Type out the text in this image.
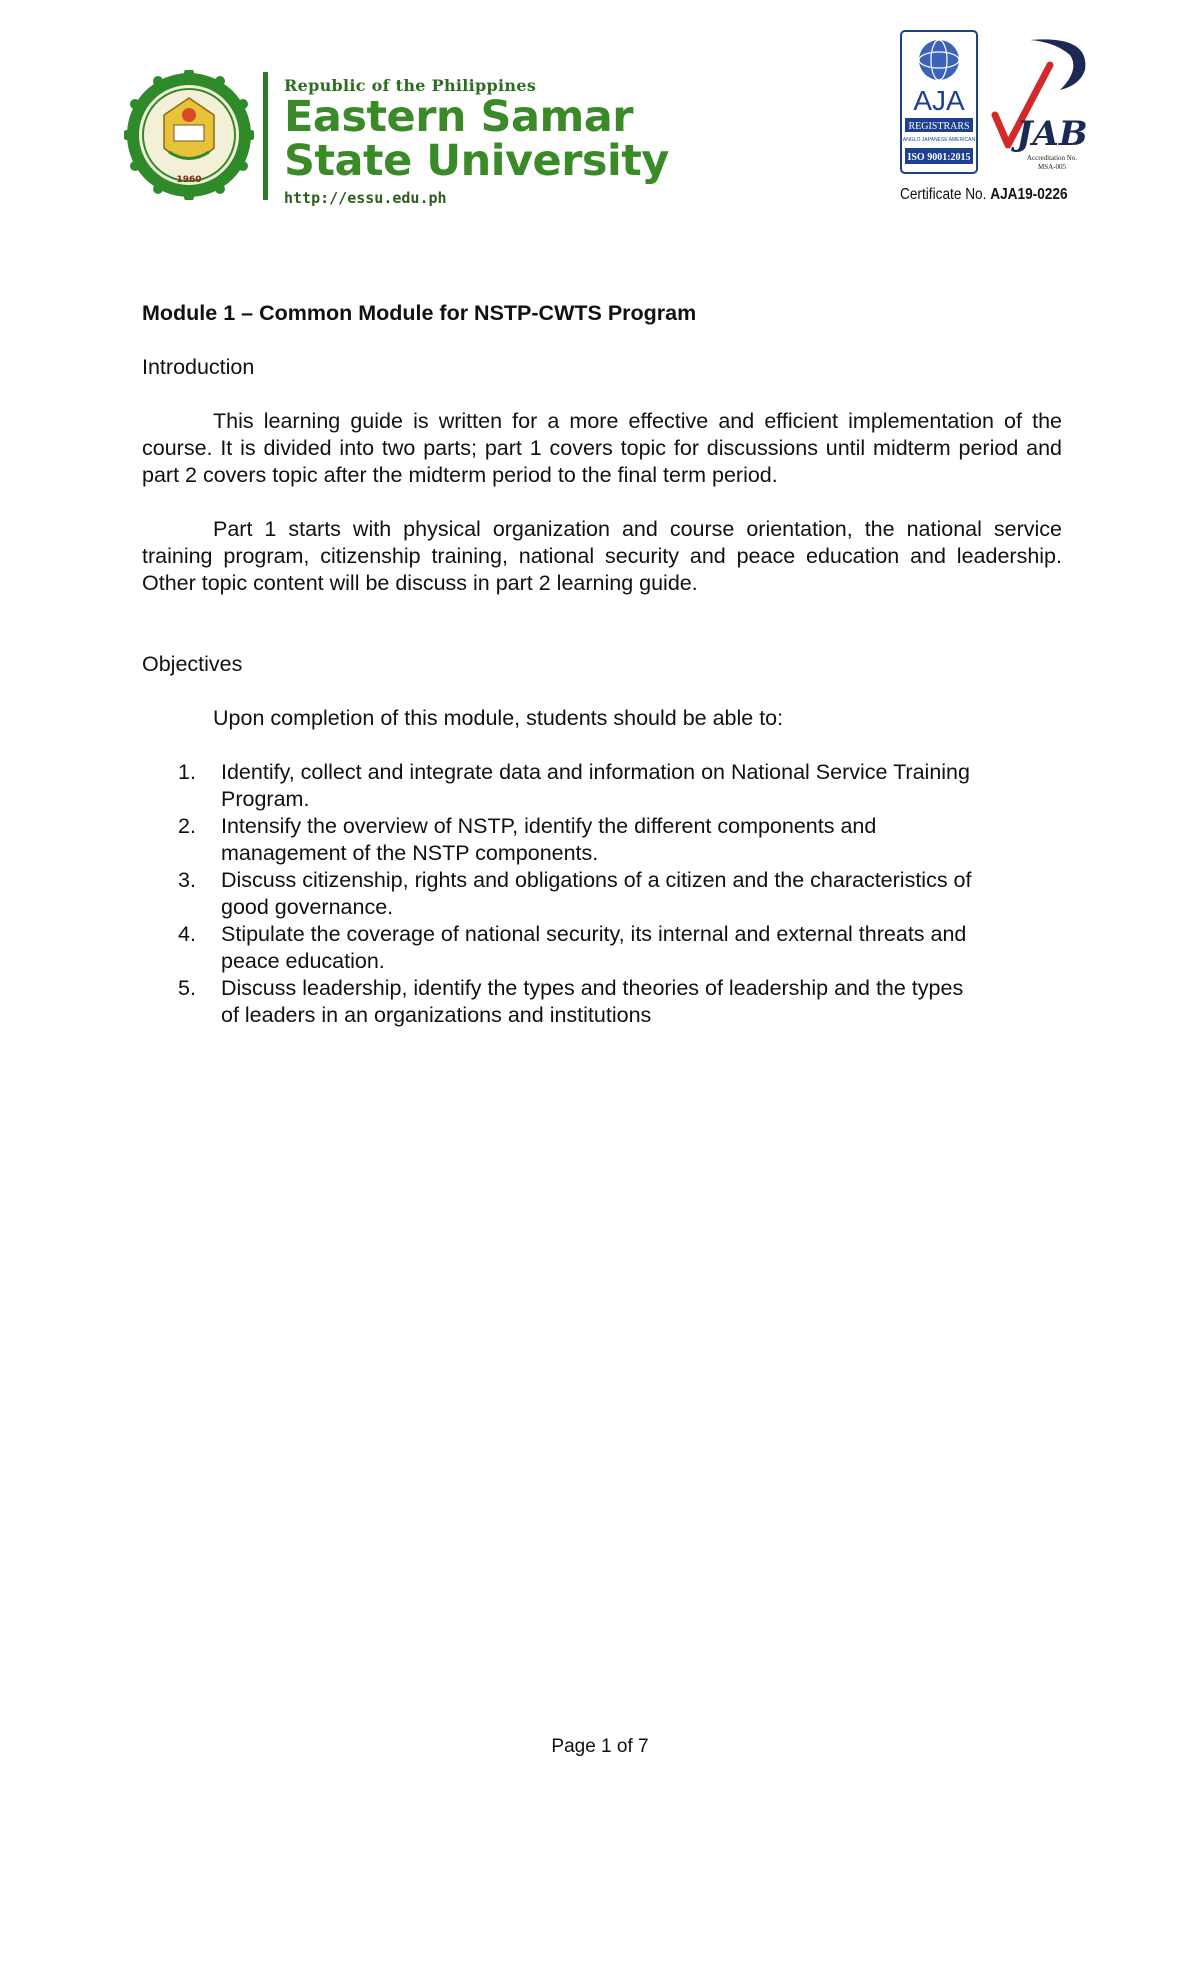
1960
Republic of the Philippines
Eastern Samar
State University
http://essu.edu.ph
AJA
REGISTRARS
ANGLO JAPANESE AMERICAN
ISO 9001:2015
JAB
Accreditation No.
MSA-005
Certificate No. AJA19-0226

Module 1 – Common Module for NSTP-CWTS Program

Introduction

This learning guide is written for a more effective and efficient implementation of the course. It is divided into two parts; part 1 covers topic for discussions until midterm period and part 2 covers topic after the midterm period to the final term period.

Part 1 starts with physical organization and course orientation, the national service training program, citizenship training, national security and peace education and leadership. Other topic content will be discuss in part 2 learning guide.

Objectives

Upon completion of this module, students should be able to:

1. Identify, collect and integrate data and information on National Service Training
Program.
2. Intensify the overview of NSTP, identify the different components and
management of the NSTP components.
3. Discuss citizenship, rights and obligations of a citizen and the characteristics of
good governance.
4. Stipulate the coverage of national security, its internal and external threats and
peace education.
5. Discuss leadership, identify the types and theories of leadership and the types
of leaders in an organizations and institutions
Page 1 of 7
